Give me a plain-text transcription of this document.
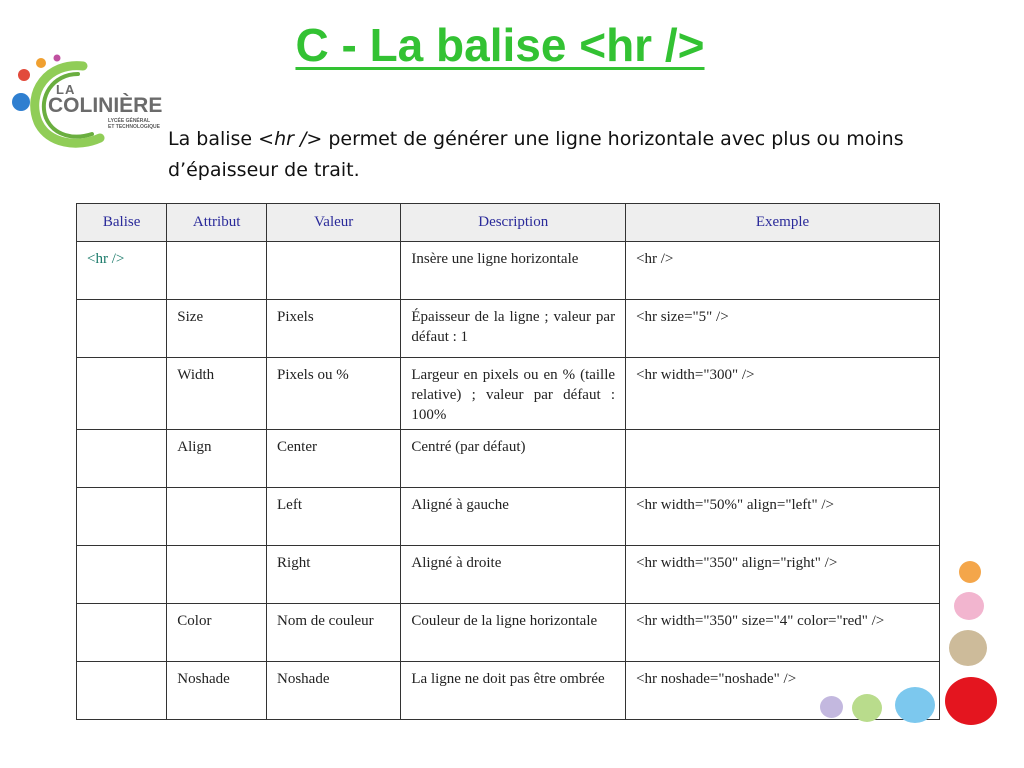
C - La balise <hr />
LA
COLINIÈRE
LYCÉE GÉNÉRAL
ET TECHNOLOGIQUE
La balise <hr /> permet de générer une ligne horizontale avec plus ou moins d’épaisseur de trait.
Balise	Attribut	Valeur	Description	Exemple
<hr />			Insère une ligne horizontale	<hr />
	Size	Pixels	Épaisseur de la ligne ; valeur par défaut : 1	<hr size="5" />
	Width	Pixels ou %	Largeur en pixels ou en % (taille relative) ; valeur par défaut : 100%	<hr width="300" />
	Align	Center	Centré (par défaut)	
		Left	Aligné à gauche	<hr width="50%" align="left" />
		Right	Aligné à droite	<hr width="350" align="right" />
	Color	Nom de couleur	Couleur de la ligne horizontale	<hr width="350" size="4" color="red" />
	Noshade	Noshade	La ligne ne doit pas être ombrée	<hr noshade="noshade" />
